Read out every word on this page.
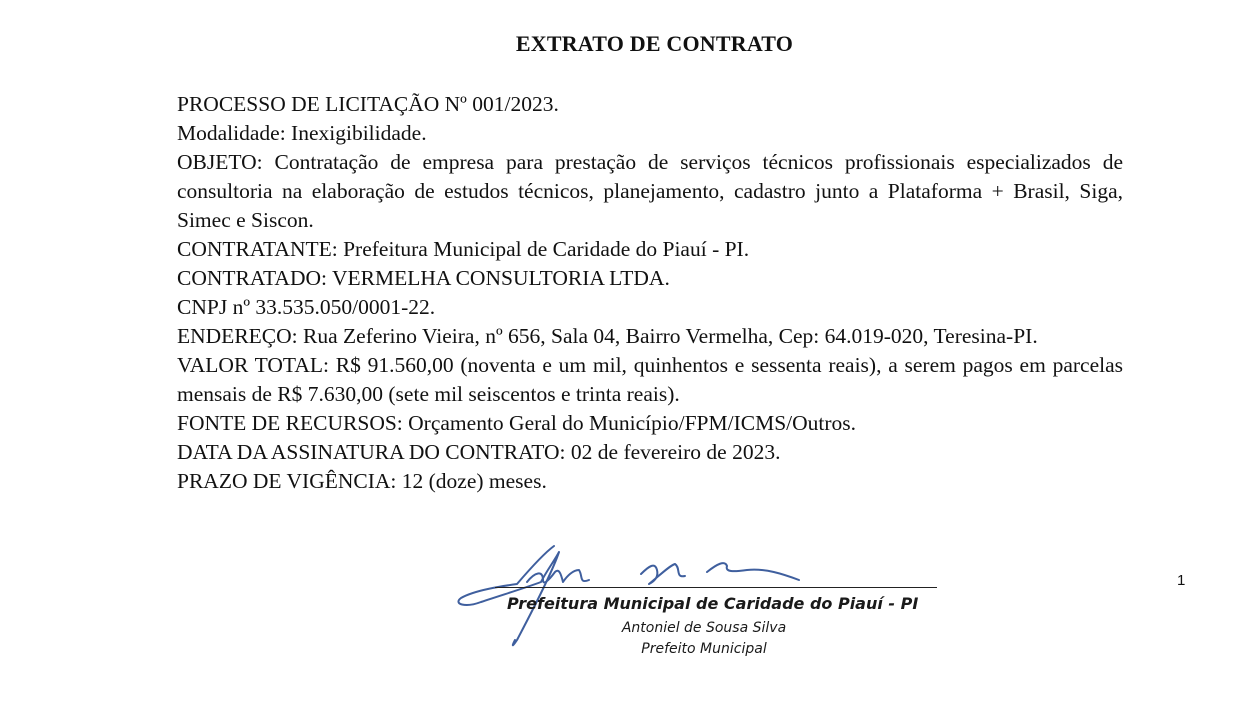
EXTRATO DE CONTRATO

PROCESSO DE LICITAÇÃO Nº 001/2023.

Modalidade: Inexigibilidade.

OBJETO: Contratação de empresa para prestação de serviços técnicos profissionais especializados de consultoria na elaboração de estudos técnicos, planejamento, cadastro junto a Plataforma + Brasil, Siga, Simec e Siscon.

CONTRATANTE: Prefeitura Municipal de Caridade do Piauí - PI.

CONTRATADO: VERMELHA CONSULTORIA LTDA.

CNPJ nº 33.535.050/0001-22.

ENDEREÇO: Rua Zeferino Vieira, nº 656, Sala 04, Bairro Vermelha, Cep: 64.019-020, Teresina-PI.

VALOR TOTAL: R$ 91.560,00 (noventa e um mil, quinhentos e sessenta reais), a serem pagos em parcelas mensais de R$ 7.630,00 (sete mil seiscentos e trinta reais).

FONTE DE RECURSOS: Orçamento Geral do Município/FPM/ICMS/Outros.

DATA DA ASSINATURA DO CONTRATO: 02 de fevereiro de 2023.

PRAZO DE VIGÊNCIA: 12 (doze) meses.

Prefeitura Municipal de Caridade do Piauí - PI
Antoniel de Sousa Silva
Prefeito Municipal
1
